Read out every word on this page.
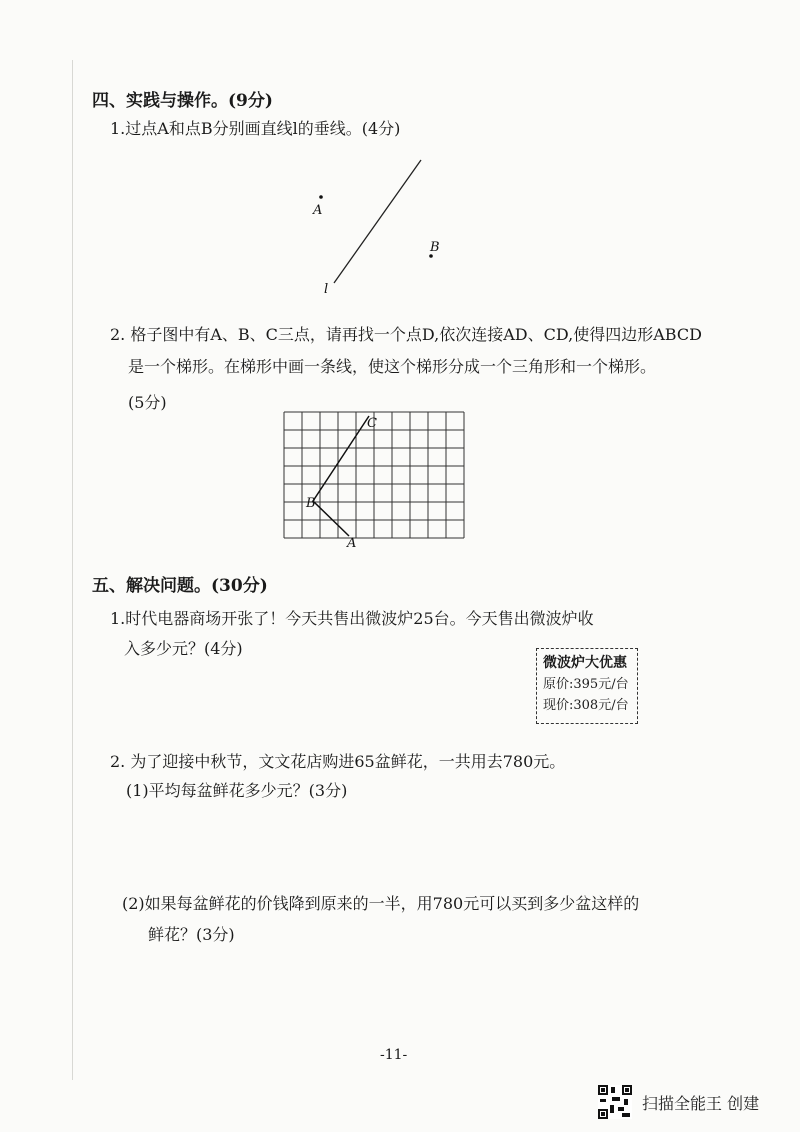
四、实践与操作。(9分)
1.过点A和点B分别画直线l的垂线。(4分)
A
B
l
2. 格子图中有A、B、C三点，请再找一个点D,依次连接AD、CD,使得四边形ABCD
是一个梯形。在梯形中画一条线，使这个梯形分成一个三角形和一个梯形。
(5分)
C
B
A
五、解决问题。(30分)
1.时代电器商场开张了！今天共售出微波炉25台。今天售出微波炉收
入多少元？(4分)
微波炉大优惠
原价:395元/台
现价:308元/台
2. 为了迎接中秋节，文文花店购进65盆鲜花，一共用去780元。
(1)平均每盆鲜花多少元？(3分)
(2)如果每盆鲜花的价钱降到原来的一半，用780元可以买到多少盆这样的
鲜花？(3分)
-11-
扫描全能王 创建
